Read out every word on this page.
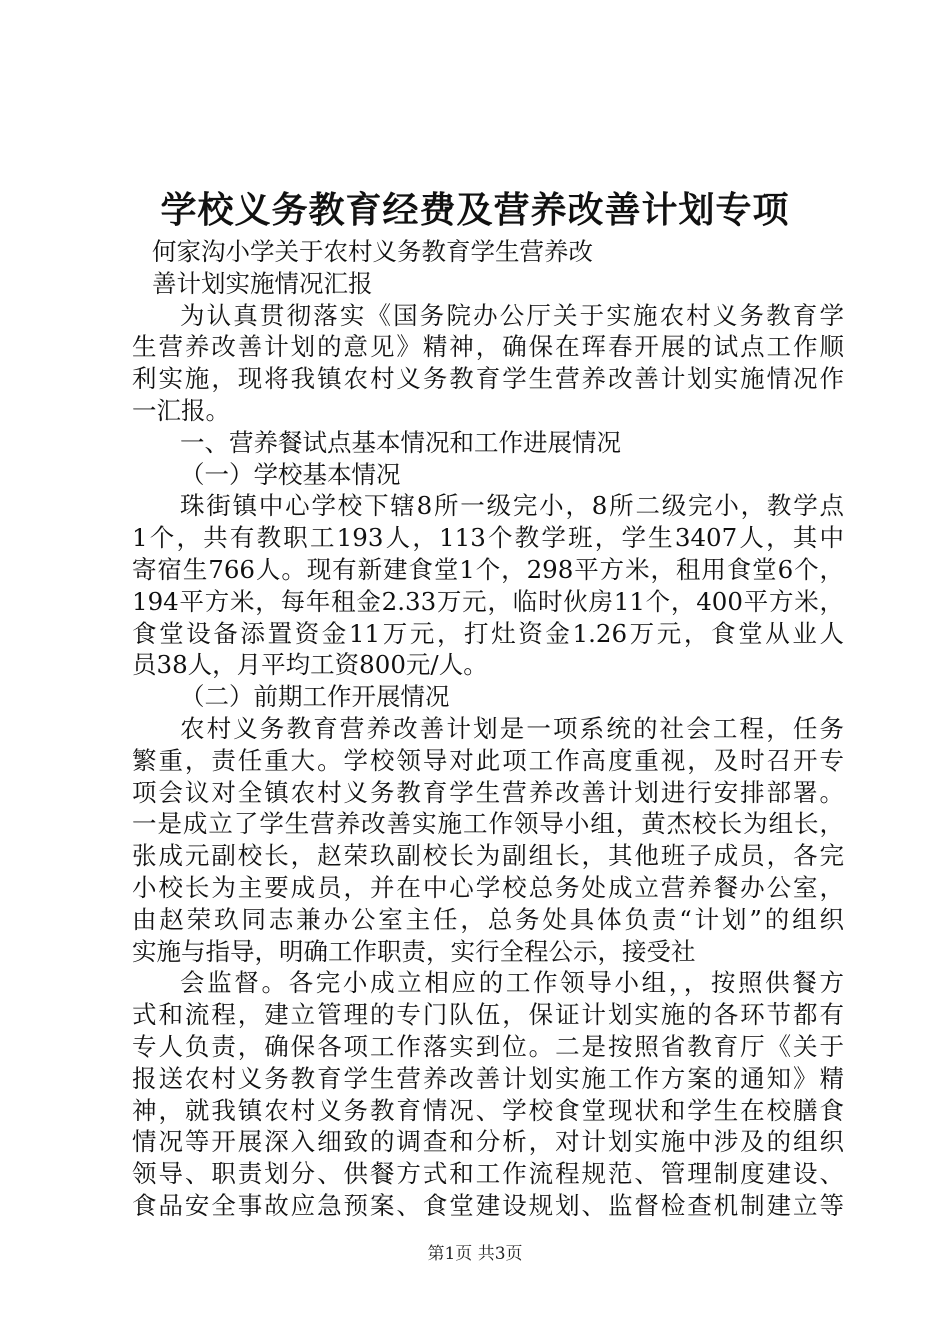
学校义务教育经费及营养改善计划专项
何家沟小学关于农村义务教育学生营养改
善计划实施情况汇报
为认真贯彻落实《国务院办公厅关于实施农村义务教育学
生营养改善计划的意见》精神，确保在珲春开展的试点工作顺
利实施，现将我镇农村义务教育学生营养改善计划实施情况作
一汇报。
一、营养餐试点基本情况和工作进展情况
（一）学校基本情况
珠街镇中心学校下辖8所一级完小，8所二级完小，教学点
1个，共有教职工193人，113个教学班，学生3407人，其中
寄宿生766人。现有新建食堂1个，298平方米，租用食堂6个，
194平方米，每年租金2.33万元，临时伙房11个，400平方米，
食堂设备添置资金11万元，打灶资金1.26万元，食堂从业人
员38人，月平均工资800元/人。
（二）前期工作开展情况
农村义务教育营养改善计划是一项系统的社会工程，任务
繁重，责任重大。学校领导对此项工作高度重视，及时召开专
项会议对全镇农村义务教育学生营养改善计划进行安排部署。
一是成立了学生营养改善实施工作领导小组，黄杰校长为组长，
张成元副校长，赵荣玖副校长为副组长，其他班子成员，各完
小校长为主要成员，并在中心学校总务处成立营养餐办公室，
由赵荣玖同志兼办公室主任，总务处具体负责“计划”的组织
实施与指导，明确工作职责，实行全程公示，接受社
会监督。各完小成立相应的工作领导小组，，按照供餐方
式和流程，建立管理的专门队伍，保证计划实施的各环节都有
专人负责，确保各项工作落实到位。二是按照省教育厅《关于
报送农村义务教育学生营养改善计划实施工作方案的通知》精
神，就我镇农村义务教育情况、学校食堂现状和学生在校膳食
情况等开展深入细致的调查和分析，对计划实施中涉及的组织
领导、职责划分、供餐方式和工作流程规范、管理制度建设、
食品安全事故应急预案、食堂建设规划、监督检查机制建立等
第1页 共3页
